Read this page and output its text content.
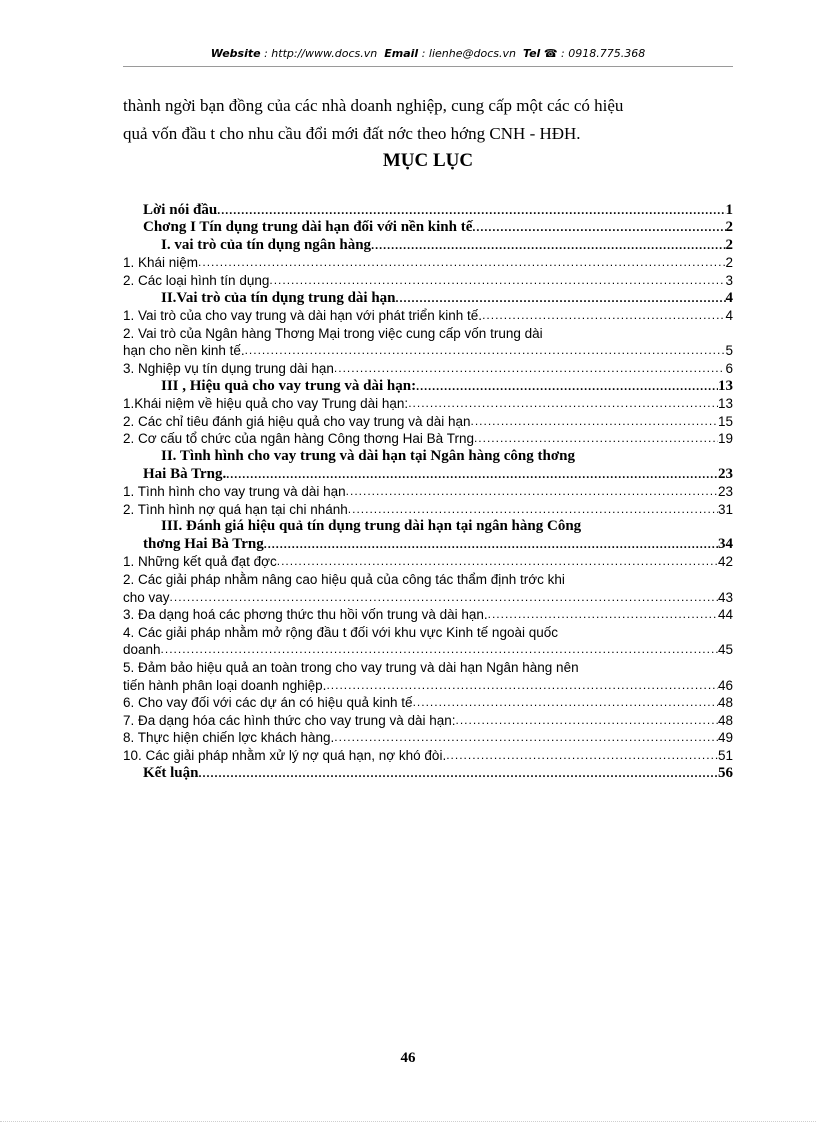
Website : http://www.docs.vn Email : lienhe@docs.vn Tel ☎ : 0918.775.368

thành ngời bạn đồng của các nhà doanh nghiệp, cung cấp một các có hiệu

quả vốn đầu t cho nhu cầu đổi mới đất nớc theo hớng CNH - HĐH.

MỤC LỤC
Lời nói đầu .....	1
Chơng I Tín dụng trung dài hạn đối với nền kinh tế .....	2
I. vai trò của tín dụng ngân hàng .....	2
1. Khái niệm .....	2
2. Các loại hình tín dụng .....	3
II.Vai trò của tín dụng trung dài hạn .....	4
1. Vai trò của cho vay trung và dài hạn với phát triển kinh tế. .....	4
2. Vai trò của Ngân hàng Thơng Mại trong việc cung cấp vốn trung dài
hạn cho nền kinh tế. .....	5
3. Nghiệp vụ tín dụng trung dài hạn .....	6
III , Hiệu quả cho vay trung và dài hạn: .....	13
1.Khái niệm về hiệu quả cho vay Trung dài hạn: .....	13
2. Các chỉ tiêu đánh giá hiệu quả cho vay trung và dài hạn .....	15
2. Cơ cấu tổ chức của ngân hàng Công thơng Hai Bà Trng .....	19
II. Tình hình cho vay trung và dài hạn tại Ngân hàng công thơng
Hai Bà Trng. .....	23
1. Tình hình cho vay trung và dài hạn .....	23
2. Tình hình nợ quá hạn tại chi nhánh .....	31
III. Đánh giá hiệu quả tín dụng trung dài hạn tại ngân hàng Công
thơng Hai Bà Trng .....	34
1. Những kết quả đạt đợc .....	42
2. Các giải pháp nhằm nâng cao hiệu quả của công tác thẩm định trớc khi
cho vay .....	43
3. Đa dạng hoá các phơng thức thu hồi vốn trung và dài hạn. .....	44
4. Các giải pháp nhằm mở rộng đầu t đối với khu vực Kinh tế ngoài quốc
doanh .....	45
5. Đảm bảo hiệu quả an toàn trong cho vay trung và dài hạn Ngân hàng nên
tiến hành phân loại doanh nghiệp. .....	46
6. Cho vay đối với các dự án có hiệu quả kinh tế .....	48
7. Đa dạng hóa các hình thức cho vay trung và dài hạn: .....	48
8. Thực hiện chiến lợc khách hàng. .....	49
10. Các giải pháp nhằm xử lý nợ quá hạn, nợ khó đòi. .....	51
Kết luận .....	56
46
